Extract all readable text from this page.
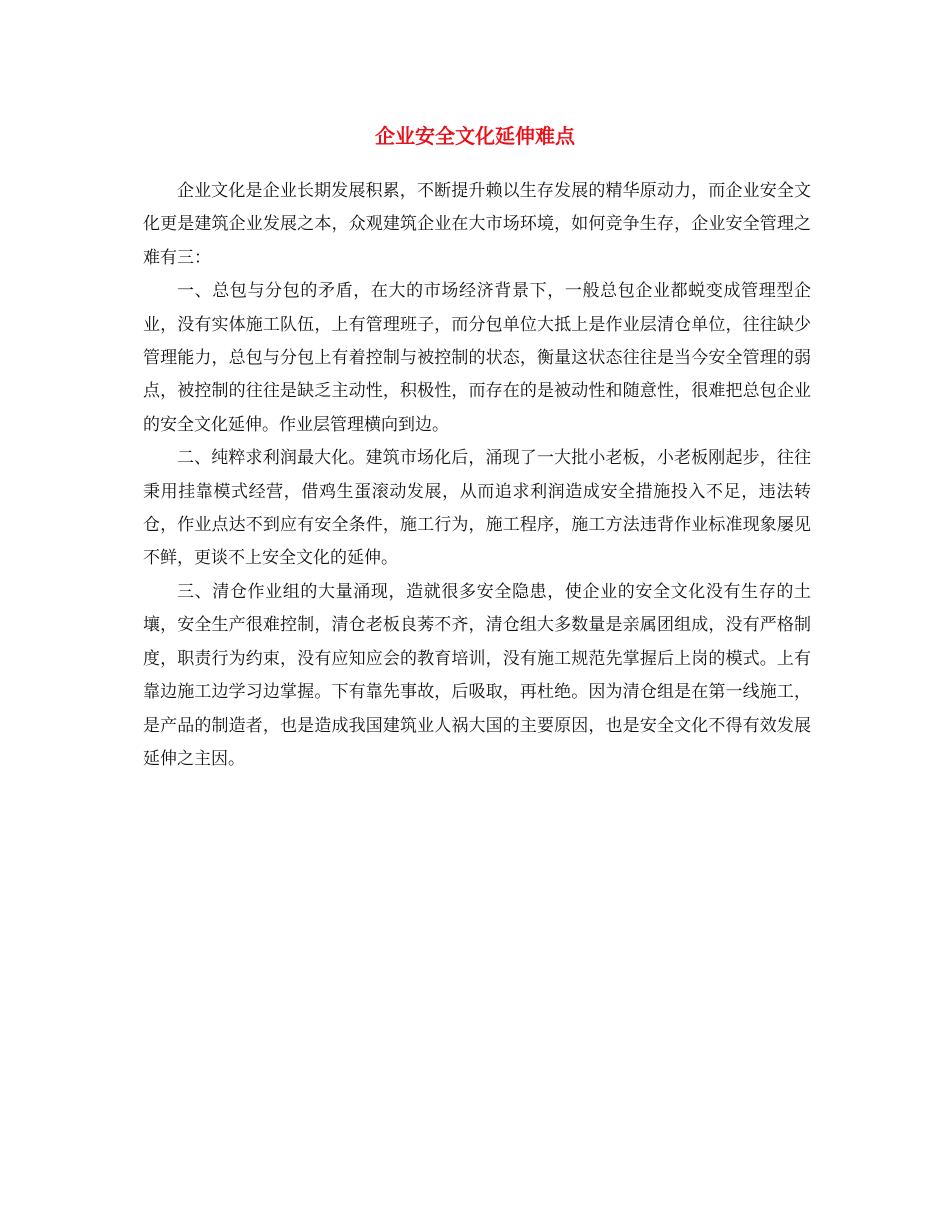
企业安全文化延伸难点

企业文化是企业长期发展积累，不断提升赖以生存发展的精华原动力，而企业安全文化更是建筑企业发展之本，众观建筑企业在大市场环境，如何竞争生存，企业安全管理之难有三：

一、总包与分包的矛盾，在大的市场经济背景下，一般总包企业都蜕变成管理型企业，没有实体施工队伍，上有管理班子，而分包单位大抵上是作业层清仓单位，往往缺少管理能力，总包与分包上有着控制与被控制的状态，衡量这状态往往是当今安全管理的弱点，被控制的往往是缺乏主动性，积极性，而存在的是被动性和随意性，很难把总包企业的安全文化延伸。作业层管理横向到边。

二、纯粹求利润最大化。建筑市场化后，涌现了一大批小老板，小老板刚起步，往往秉用挂靠模式经营，借鸡生蛋滚动发展，从而追求利润造成安全措施投入不足，违法转仓，作业点达不到应有安全条件，施工行为，施工程序，施工方法违背作业标准现象屡见不鲜，更谈不上安全文化的延伸。

三、清仓作业组的大量涌现，造就很多安全隐患，使企业的安全文化没有生存的土壤，安全生产很难控制，清仓老板良莠不齐，清仓组大多数量是亲属团组成，没有严格制度，职责行为约束，没有应知应会的教育培训，没有施工规范先掌握后上岗的模式。上有靠边施工边学习边掌握。下有靠先事故，后吸取，再杜绝。因为清仓组是在第一线施工，是产品的制造者，也是造成我国建筑业人祸大国的主要原因，也是安全文化不得有效发展延伸之主因。
